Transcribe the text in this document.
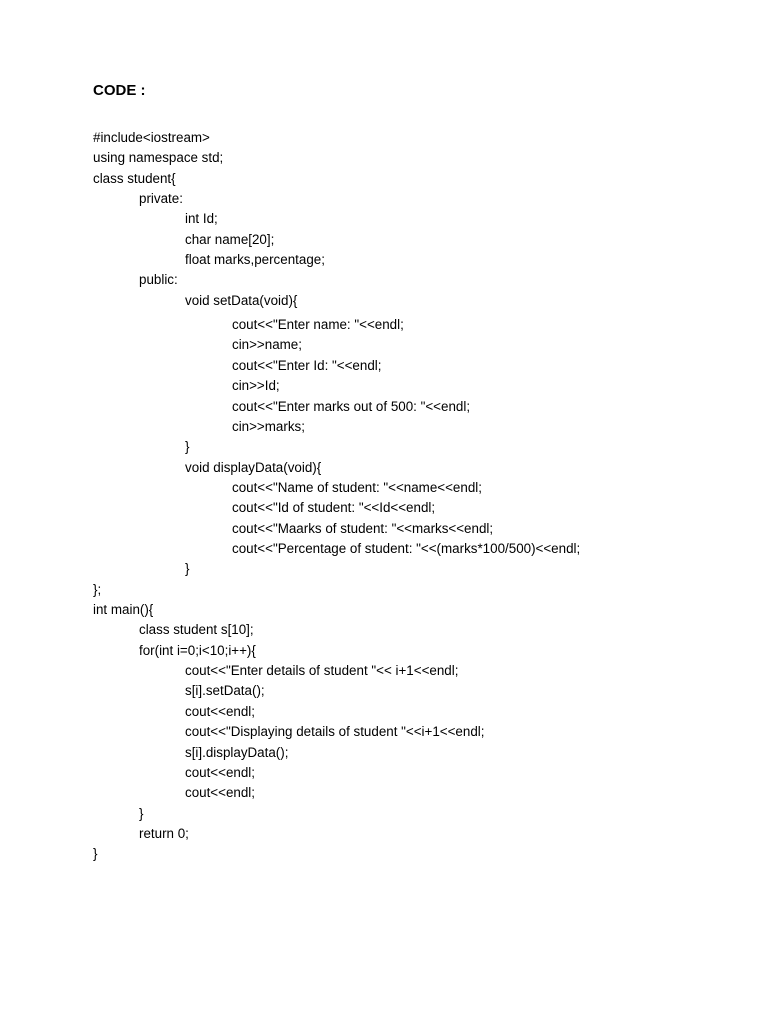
CODE :
#include<iostream>
using namespace std;
class student{
private:
int Id;
char name[20];
float marks,percentage;
public:
void setData(void){
cout<<"Enter name: "<<endl;
cin>>name;
cout<<"Enter Id: "<<endl;
cin>>Id;
cout<<"Enter marks out of 500: "<<endl;
cin>>marks;
}
void displayData(void){
cout<<"Name of student: "<<name<<endl;
cout<<"Id of student: "<<Id<<endl;
cout<<"Maarks of student: "<<marks<<endl;
cout<<"Percentage of student: "<<(marks*100/500)<<endl;
}
};
int main(){
class student s[10];
for(int i=0;i<10;i++){
cout<<"Enter details of student "<< i+1<<endl;
s[i].setData();
cout<<endl;
cout<<"Displaying details of student "<<i+1<<endl;
s[i].displayData();
cout<<endl;
cout<<endl;
}
return 0;
}
